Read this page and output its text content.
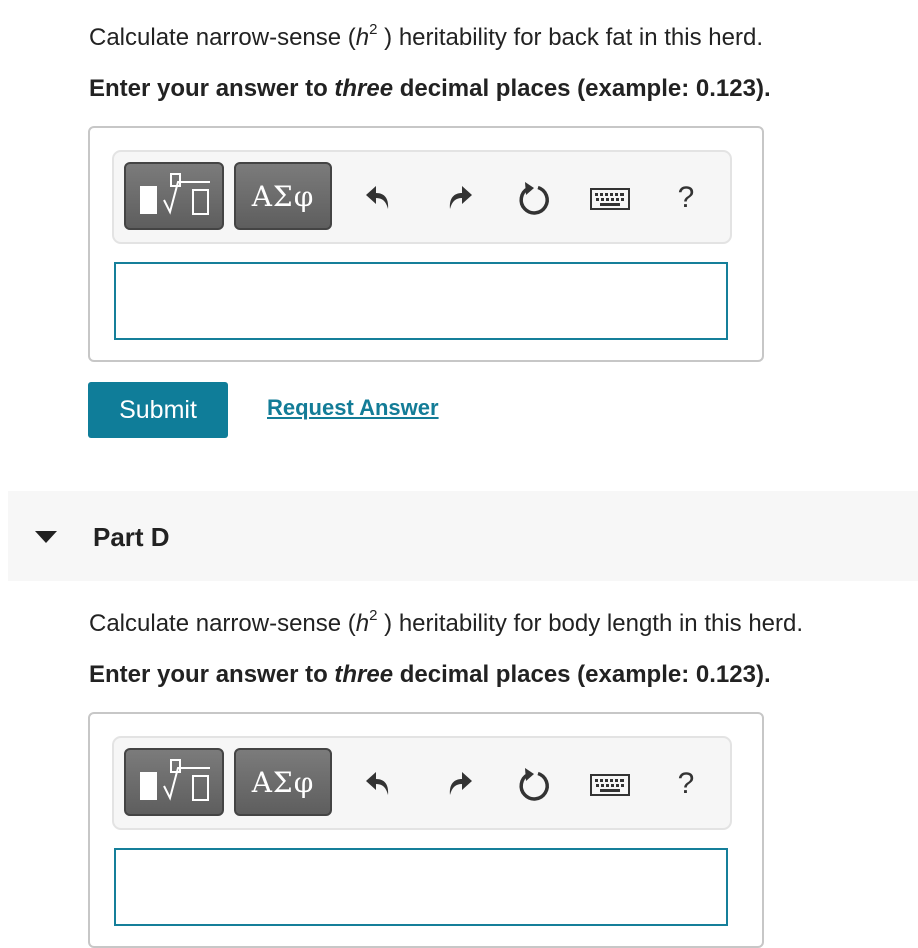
Calculate narrow-sense ($h^2$ ) heritability for back fat in this herd.
Enter your answer to three decimal places (example: 0.123).
ΑΣφ	?
Submit	Request Answer
Part D
Calculate narrow-sense ($h^2$ ) heritability for body length in this herd.
Enter your answer to three decimal places (example: 0.123).
ΑΣφ	?
